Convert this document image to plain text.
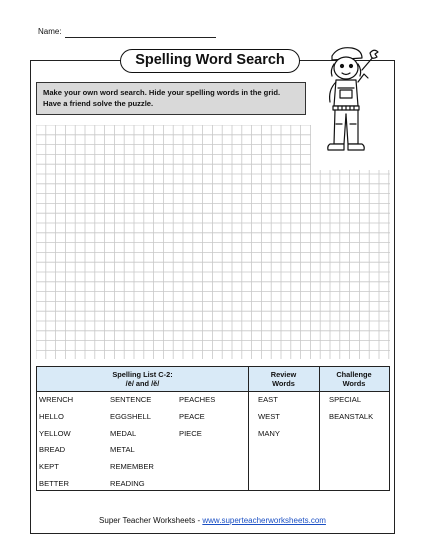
Name:
Spelling Word Search
Make your own word search. Hide your spelling words in the grid. Have a friend solve the puzzle.
Spelling List C-2:
/ē/ and /ě/
Review
Words
Challenge
Words
WRENCH
HELLO
YELLOW
BREAD
KEPT
BETTER
SENTENCE
EGGSHELL
MEDAL
METAL
REMEMBER
READING
PEACHES
PEACE
PIECE
EAST
WEST
MANY
SPECIAL
BEANSTALK
Super Teacher Worksheets - www.superteacherworksheets.com
